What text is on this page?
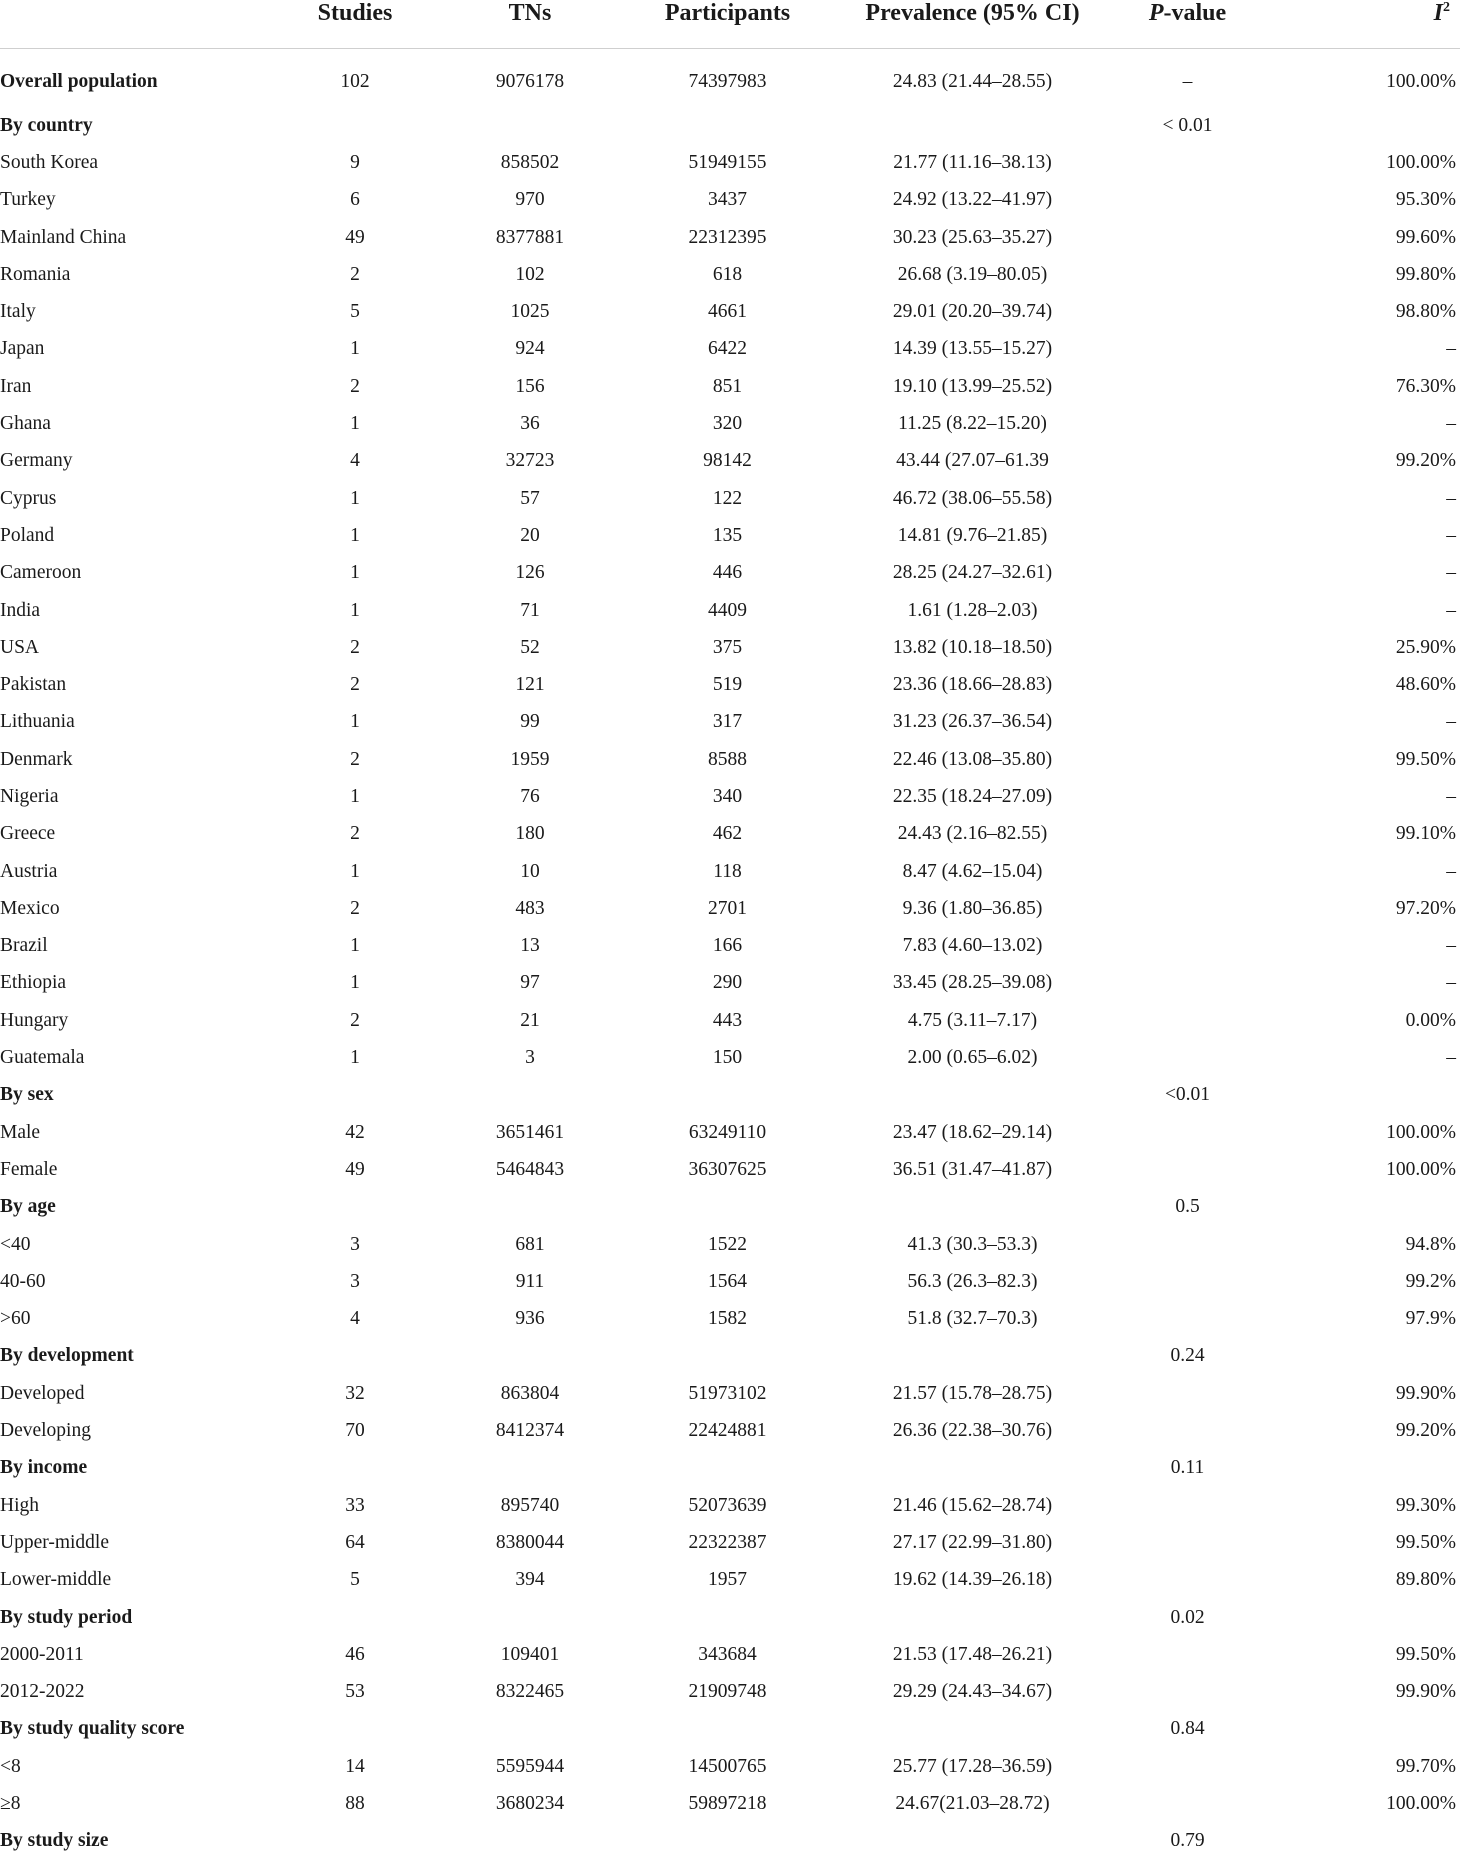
	Studies	TNs	Participants	Prevalence (95% CI)	P-value	$I^2$
Overall population	102	9076178	74397983	24.83 (21.44–28.55)	–	100.00%
By country					< 0.01	
South Korea	9	858502	51949155	21.77 (11.16–38.13)		100.00%
Turkey	6	970	3437	24.92 (13.22–41.97)		95.30%
Mainland China	49	8377881	22312395	30.23 (25.63–35.27)		99.60%
Romania	2	102	618	26.68 (3.19–80.05)		99.80%
Italy	5	1025	4661	29.01 (20.20–39.74)		98.80%
Japan	1	924	6422	14.39 (13.55–15.27)		–
Iran	2	156	851	19.10 (13.99–25.52)		76.30%
Ghana	1	36	320	11.25 (8.22–15.20)		–
Germany	4	32723	98142	43.44 (27.07–61.39		99.20%
Cyprus	1	57	122	46.72 (38.06–55.58)		–
Poland	1	20	135	14.81 (9.76–21.85)		–
Cameroon	1	126	446	28.25 (24.27–32.61)		–
India	1	71	4409	1.61 (1.28–2.03)		–
USA	2	52	375	13.82 (10.18–18.50)		25.90%
Pakistan	2	121	519	23.36 (18.66–28.83)		48.60%
Lithuania	1	99	317	31.23 (26.37–36.54)		–
Denmark	2	1959	8588	22.46 (13.08–35.80)		99.50%
Nigeria	1	76	340	22.35 (18.24–27.09)		–
Greece	2	180	462	24.43 (2.16–82.55)		99.10%
Austria	1	10	118	8.47 (4.62–15.04)		–
Mexico	2	483	2701	9.36 (1.80–36.85)		97.20%
Brazil	1	13	166	7.83 (4.60–13.02)		–
Ethiopia	1	97	290	33.45 (28.25–39.08)		–
Hungary	2	21	443	4.75 (3.11–7.17)		0.00%
Guatemala	1	3	150	2.00 (0.65–6.02)		–
By sex					<0.01	
Male	42	3651461	63249110	23.47 (18.62–29.14)		100.00%
Female	49	5464843	36307625	36.51 (31.47–41.87)		100.00%
By age					0.5	
<40	3	681	1522	41.3 (30.3–53.3)		94.8%
40-60	3	911	1564	56.3 (26.3–82.3)		99.2%
>60	4	936	1582	51.8 (32.7–70.3)		97.9%
By development					0.24	
Developed	32	863804	51973102	21.57 (15.78–28.75)		99.90%
Developing	70	8412374	22424881	26.36 (22.38–30.76)		99.20%
By income					0.11	
High	33	895740	52073639	21.46 (15.62–28.74)		99.30%
Upper-middle	64	8380044	22322387	27.17 (22.99–31.80)		99.50%
Lower-middle	5	394	1957	19.62 (14.39–26.18)		89.80%
By study period					0.02	
2000-2011	46	109401	343684	21.53 (17.48–26.21)		99.50%
2012-2022	53	8322465	21909748	29.29 (24.43–34.67)		99.90%
By study quality score					0.84	
<8	14	5595944	14500765	25.77 (17.28–36.59)		99.70%
≥8	88	3680234	59897218	24.67(21.03–28.72)		100.00%
By study size					0.79	
